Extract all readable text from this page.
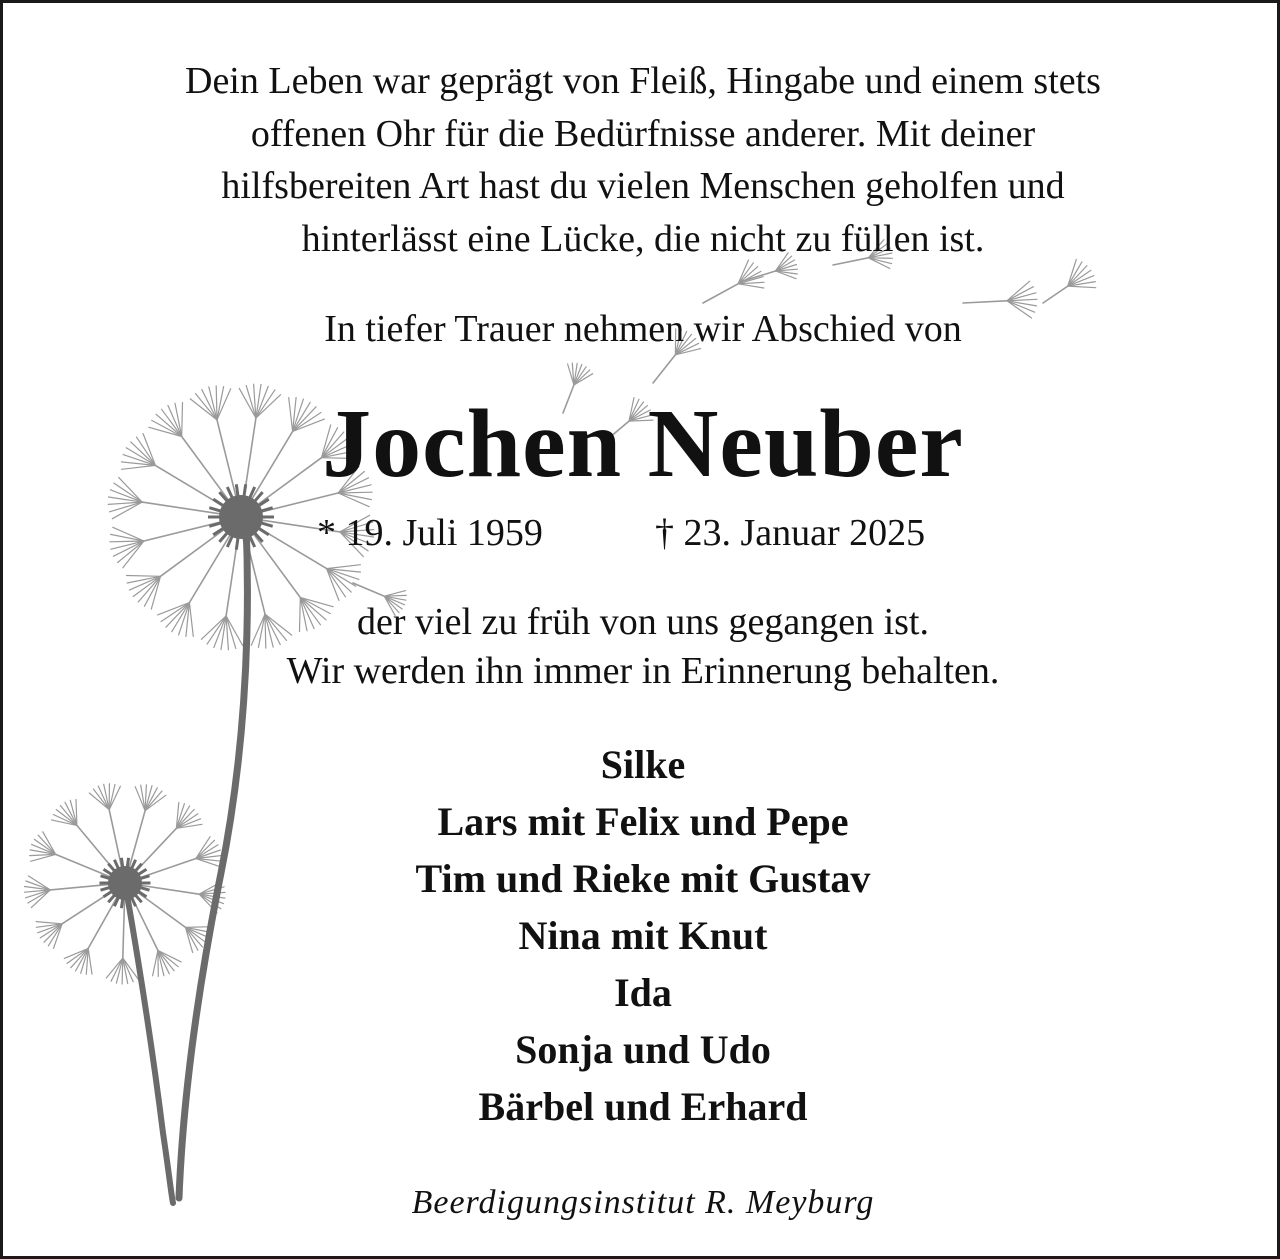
Dein Leben war geprägt von Fleiß, Hingabe und einem stets
offenen Ohr für die Bedürfnisse anderer. Mit deiner
hilfsbereiten Art hast du vielen Menschen geholfen und
hinterlässt eine Lücke, die nicht zu füllen ist.
In tiefer Trauer nehmen wir Abschied von
Jochen Neuber
* 19. Juli 1959	† 23. Januar 2025
der viel zu früh von uns gegangen ist.
Wir werden ihn immer in Erinnerung behalten.
Silke
Lars mit Felix und Pepe
Tim und Rieke mit Gustav
Nina mit Knut
Ida
Sonja und Udo
Bärbel und Erhard
Beerdigungsinstitut R. Meyburg
